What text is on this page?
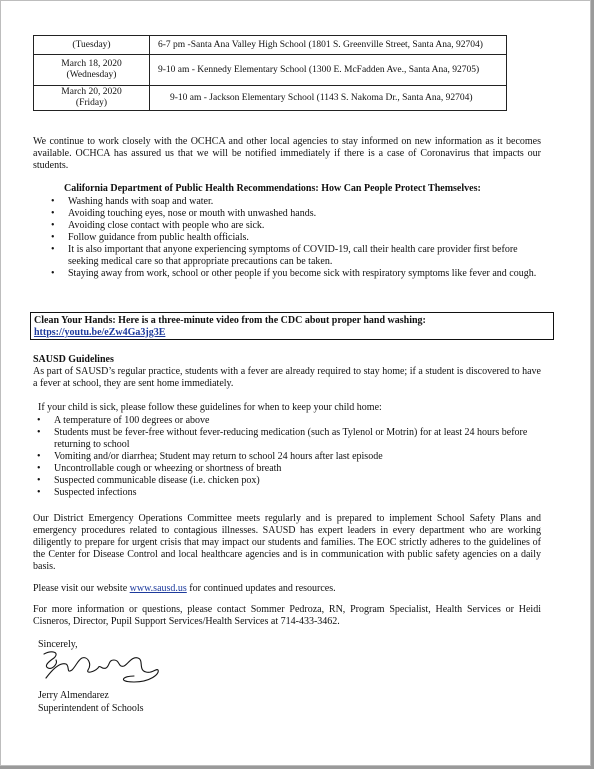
(Tuesday)	6-7 pm -Santa Ana Valley High School (1801 S. Greenville Street, Santa Ana, 92704)
March 18, 2020
(Wednesday)	9-10 am - Kennedy Elementary School (1300 E. McFadden Ave., Santa Ana, 92705)
March 20, 2020
(Friday)	9-10 am - Jackson Elementary School (1143 S. Nakoma Dr., Santa Ana, 92704)

We continue to work closely with the OCHCA and other local agencies to stay informed on new information as it becomes available. OCHCA has assured us that we will be notified immediately if there is a case of Coronavirus that impacts our students.

California Department of Public Health Recommendations: How Can People Protect Themselves:

• Washing hands with soap and water.
• Avoiding touching eyes, nose or mouth with unwashed hands.
• Avoiding close contact with people who are sick.
• Follow guidance from public health officials.
• It is also important that anyone experiencing symptoms of COVID-19, call their health care provider first before seeking medical care so that appropriate precautions can be taken.
• Staying away from work, school or other people if you become sick with respiratory symptoms like fever and cough.
Clean Your Hands: Here is a three-minute video from the CDC about proper hand washing:
https://youtu.be/eZw4Ga3jg3E

SAUSD Guidelines

As part of SAUSD’s regular practice, students with a fever are already required to stay home; if a student is discovered to have a fever at school, they are sent home immediately.

If your child is sick, please follow these guidelines for when to keep your child home:

• A temperature of 100 degrees or above
• Students must be fever-free without fever-reducing medication (such as Tylenol or Motrin) for at least 24 hours before returning to school
• Vomiting and/or diarrhea; Student may return to school 24 hours after last episode
• Uncontrollable cough or wheezing or shortness of breath
• Suspected communicable disease (i.e. chicken pox)
• Suspected infections

Our District Emergency Operations Committee meets regularly and is prepared to implement School Safety Plans and emergency procedures related to contagious illnesses. SAUSD has expert leaders in every department who are working diligently to prepare for urgent crisis that may impact our students and families. The EOC strictly adheres to the guidelines of the Center for Disease Control and local healthcare agencies and is in communication with public safety agencies on a daily basis.

Please visit our website www.sausd.us for continued updates and resources.

For more information or questions, please contact Sommer Pedroza, RN, Program Specialist, Health Services or Heidi Cisneros, Director, Pupil Support Services/Health Services at 714-433-3462.

Sincerely,

Jerry Almendarez

Superintendent of Schools
